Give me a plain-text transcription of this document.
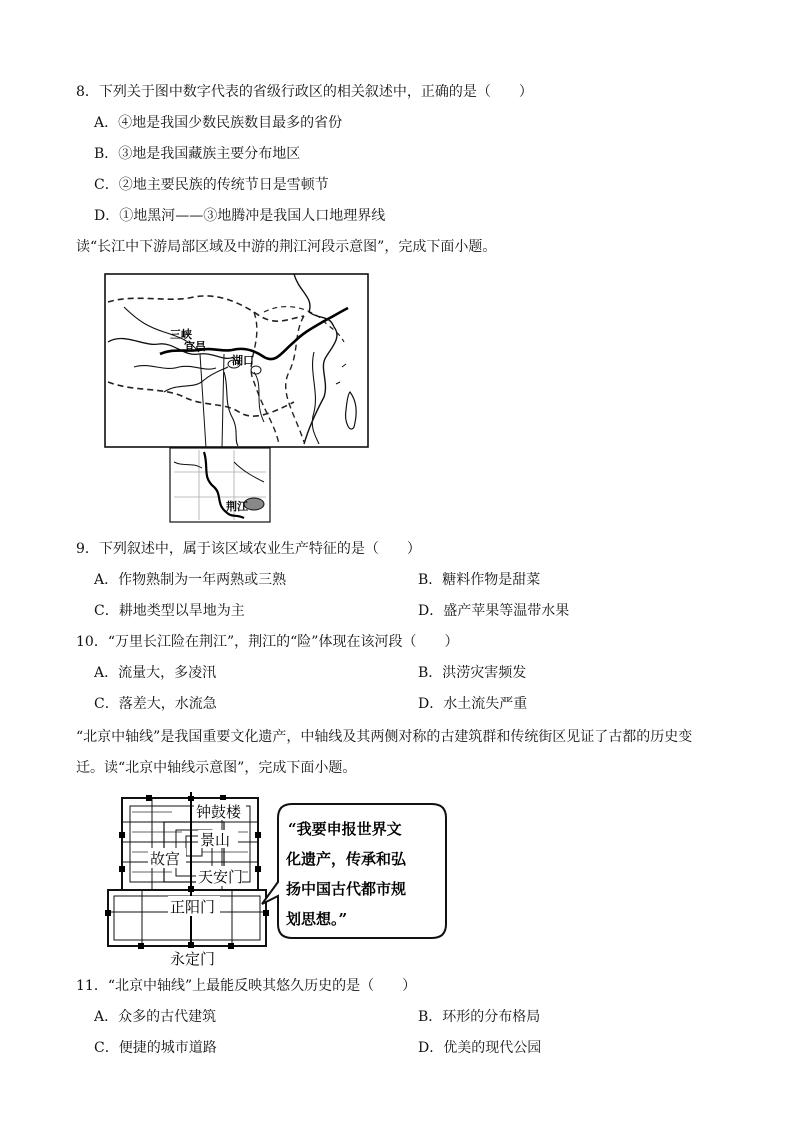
8．下列关于图中数字代表的省级行政区的相关叙述中，正确的是（　　）
A．④地是我国少数民族数目最多的省份
B．③地是我国藏族主要分布地区
C．②地主要民族的传统节日是雪顿节
D．①地黑河——③地腾冲是我国人口地理界线
读“长江中下游局部区域及中游的荆江河段示意图”，完成下面小题。
三峡
宜昌
湖口
荆江
9．下列叙述中，属于该区域农业生产特征的是（　　）
A．作物熟制为一年两熟或三熟	B．糖料作物是甜菜
C．耕地类型以旱地为主	D．盛产苹果等温带水果
10．“万里长江险在荆江”，荆江的“险”体现在该河段（　　）
A．流量大，多凌汛	B．洪涝灾害频发
C．落差大，水流急	D．水土流失严重
“北京中轴线”是我国重要文化遗产，中轴线及其两侧对称的古建筑群和传统街区见证了古都的历史变
迁。读“北京中轴线示意图”，完成下面小题。
钟鼓楼
景山
故宫
天安门
正阳门
永定门
“我要申报世界文
化遗产，传承和弘
扬中国古代都市规
划思想。”
11．“北京中轴线”上最能反映其悠久历史的是（　　）
A．众多的古代建筑	B．环形的分布格局
C．便捷的城市道路	D．优美的现代公园
